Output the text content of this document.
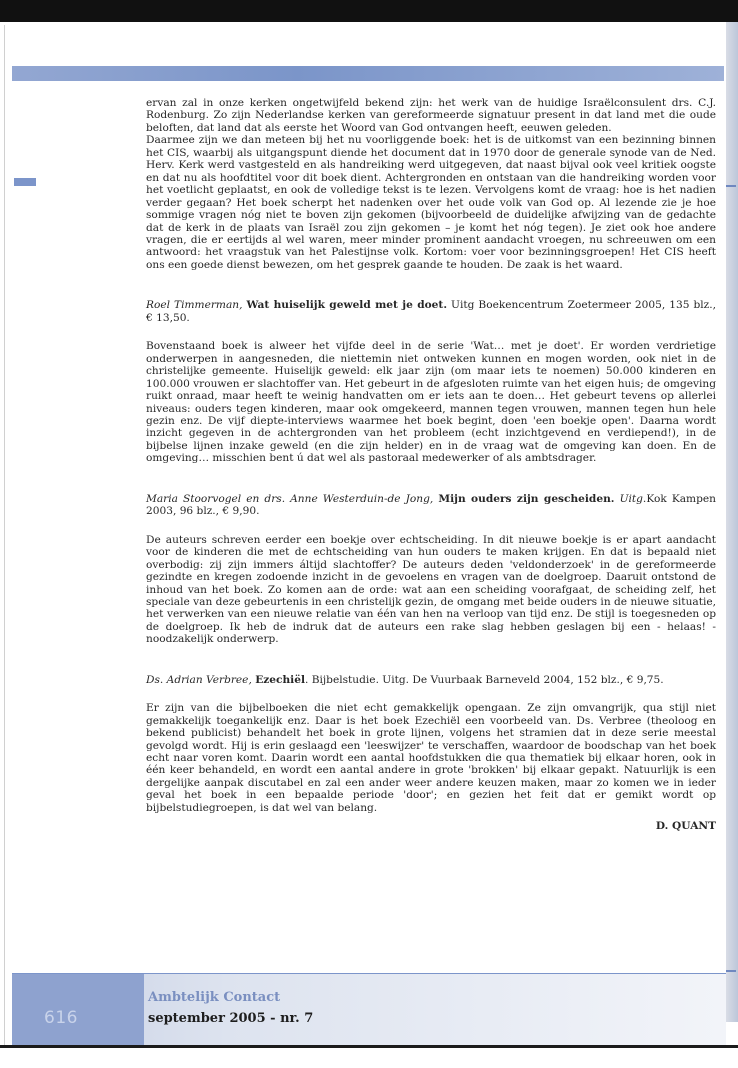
ervan zal in onze kerken ongetwijfeld bekend zijn: het werk van de huidige Israëlconsulent drs. C.J. Rodenburg. Zo zijn Nederlandse kerken van gereformeerde signatuur present in dat land met die oude beloften, dat land dat als eerste het Woord van God ontvangen heeft, eeuwen geleden.

Daarmee zijn we dan meteen bij het nu voorliggende boek: het is de uitkomst van een bezinning binnen het CIS, waarbij als uitgangspunt diende het document dat in 1970 door de generale synode van de Ned. Herv. Kerk werd vastgesteld en als handreiking werd uitgegeven, dat naast bijval ook veel kritiek oogste en dat nu als hoofdtitel voor dit boek dient. Achtergronden en ontstaan van die handreiking worden voor het voetlicht geplaatst, en ook de volledige tekst is te lezen. Vervolgens komt de vraag: hoe is het nadien verder gegaan? Het boek scherpt het nadenken over het oude volk van God op. Al lezende zie je hoe sommige vragen nóg niet te boven zijn gekomen (bijvoorbeeld de duidelijke afwijzing van de gedachte dat de kerk in de plaats van Israël zou zijn gekomen – je komt het nóg tegen). Je ziet ook hoe andere vragen, die er eertijds al wel waren, meer minder prominent aandacht vroegen, nu schreeuwen om een antwoord: het vraagstuk van het Palestijnse volk. Kortom: voer voor bezinningsgroepen! Het CIS heeft ons een goede dienst bewezen, om het gesprek gaande te houden. De zaak is het waard.

Roel Timmerman, Wat huiselijk geweld met je doet. Uitg Boekencentrum Zoetermeer 2005, 135 blz., € 13,50.

Bovenstaand boek is alweer het vijfde deel in de serie 'Wat… met je doet'. Er worden verdrietige onderwerpen in aangesneden, die niettemin niet ontweken kunnen en mogen worden, ook niet in de christelijke gemeente. Huiselijk geweld: elk jaar zijn (om maar iets te noemen) 50.000 kinderen en 100.000 vrouwen er slachtoffer van. Het gebeurt in de afgesloten ruimte van het eigen huis; de omgeving ruikt onraad, maar heeft te weinig handvatten om er iets aan te doen… Het gebeurt tevens op allerlei niveaus: ouders tegen kinderen, maar ook omgekeerd, mannen tegen vrouwen, mannen tegen hun hele gezin enz. De vijf diepte-interviews waarmee het boek begint, doen 'een boekje open'. Daarna wordt inzicht gegeven in de achtergronden van het probleem (echt inzichtgevend en verdiepend!), in de bijbelse lijnen inzake geweld (en die zijn helder) en in de vraag wat de omgeving kan doen. En de omgeving… misschien bent ú dat wel als pastoraal medewerker of als ambtsdrager.

Maria Stoorvogel en drs. Anne Westerduin-de Jong, Mijn ouders zijn gescheiden. Uitg.Kok Kampen 2003, 96 blz., € 9,90.

De auteurs schreven eerder een boekje over echtscheiding. In dit nieuwe boekje is er apart aandacht voor de kinderen die met de echtscheiding van hun ouders te maken krijgen. En dat is bepaald niet overbodig: zij zijn immers áltijd slachtoffer? De auteurs deden 'veldonderzoek' in de gereformeerde gezindte en kregen zodoende inzicht in de gevoelens en vragen van de doelgroep. Daaruit ontstond de inhoud van het boek. Zo komen aan de orde: wat aan een scheiding voorafgaat, de scheiding zelf, het speciale van deze gebeurtenis in een christelijk gezin, de omgang met beide ouders in de nieuwe situatie, het verwerken van een nieuwe relatie van één van hen na verloop van tijd enz. De stijl is toegesneden op de doelgroep. Ik heb de indruk dat de auteurs een rake slag hebben geslagen bij een - helaas! - noodzakelijk onderwerp.

Ds. Adrian Verbree, Ezechiël. Bijbelstudie. Uitg. De Vuurbaak Barneveld 2004, 152 blz., € 9,75.

Er zijn van die bijbelboeken die niet echt gemakkelijk opengaan. Ze zijn omvangrijk, qua stijl niet gemakkelijk toegankelijk enz. Daar is het boek Ezechiël een voorbeeld van. Ds. Verbree (theoloog en bekend publicist) behandelt het boek in grote lijnen, volgens het stramien dat in deze serie meestal gevolgd wordt. Hij is erin geslaagd een 'leeswijzer' te verschaffen, waardoor de boodschap van het boek echt naar voren komt. Daarin wordt een aantal hoofdstukken die qua thematiek bij elkaar horen, ook in één keer behandeld, en wordt een aantal andere in grote 'brokken' bij elkaar gepakt. Natuurlijk is een dergelijke aanpak discutabel en zal een ander weer andere keuzen maken, maar zo komen we in ieder geval het boek in een bepaalde periode 'door'; en gezien het feit dat er gemikt wordt op bijbelstudiegroepen, is dat wel van belang.

D. QUANT
616
Ambtelijk Contact
september 2005 - nr. 7
